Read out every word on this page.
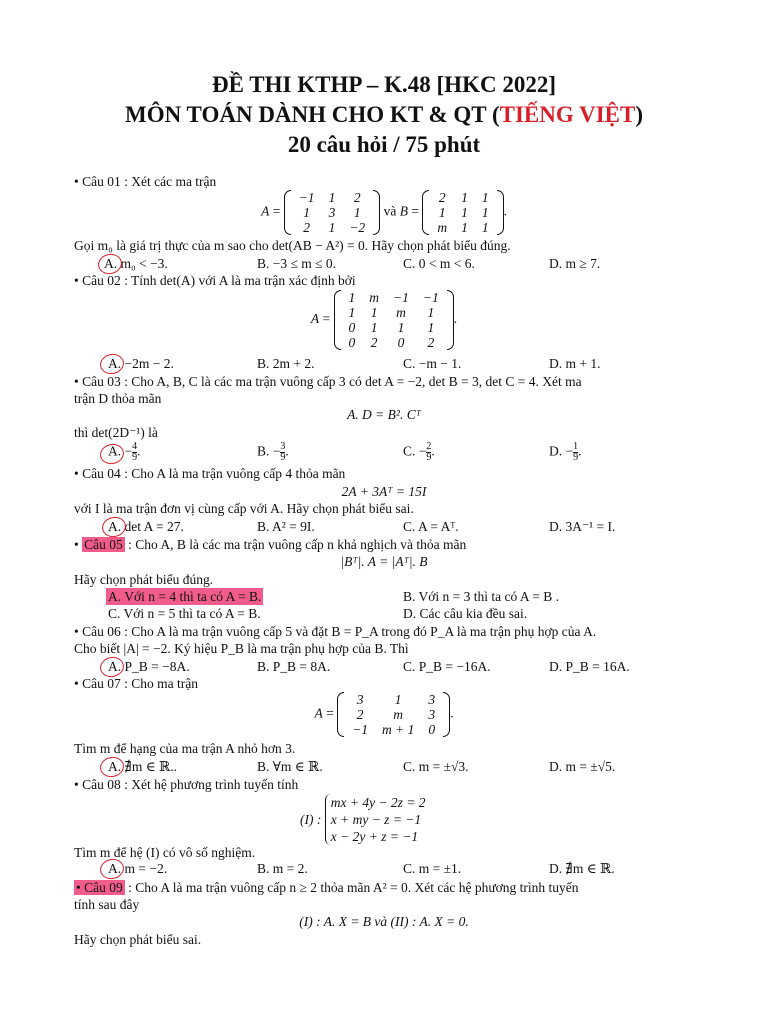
ĐỀ THI KTHP – K.48 [HKC 2022]
MÔN TOÁN DÀNH CHO KT & QT (TIẾNG VIỆT)
20 câu hỏi / 75 phút
• Câu 01 : Xét các ma trận
A =
−1	1	2
1	3	1
2	1	−2
và B =
2	1	1
1	1	1
m	1	1
.
Gọi m₀ là giá trị thực của m sao cho det(AB − A²) = 0. Hãy chọn phát biểu đúng.
A. m₀ < −3.	B. −3 ≤ m ≤ 0.	C. 0 < m < 6.	D. m ≥ 7.
• Câu 02 : Tính det(A) với A là ma trận xác định bởi
A =
1	m	−1	−1
1	1	m	1
0	1	1	1
0	2	0	2
.
A. −2m − 2.	B. 2m + 2.	C. −m − 1.	D. m + 1.
• Câu 03 : Cho A, B, C là các ma trận vuông cấp 3 có det A = −2, det B = 3, det C = 4. Xét ma
trận D thỏa mãn
A. D = B². Cᵀ
thì det(2D⁻¹) là
A. − $\frac{4}{9}$ .	B. − $\frac{3}{9}$ .	C. − $\frac{2}{9}$ .	D. − $\frac{1}{9}$ .
• Câu 04 : Cho A là ma trận vuông cấp 4 thỏa mãn
2A + 3Aᵀ = 15I
với I là ma trận đơn vị cùng cấp với A. Hãy chọn phát biểu sai.
A. det A = 27.	B. A² = 9I.	C. A = Aᵀ.	D. 3A⁻¹ = I.
• Câu 05 : Cho A, B là các ma trận vuông cấp n khả nghịch và thỏa mãn
|Bᵀ|. A = |Aᵀ|. B
Hãy chọn phát biểu đúng.
A. Với n = 4 thì ta có A = B.	B. Với n = 3 thì ta có A = B .
C. Với n = 5 thì ta có A = B.	D. Các câu kia đều sai.
• Câu 06 : Cho A là ma trận vuông cấp 5 và đặt B = P_A trong đó P_A là ma trận phụ hợp của A.
Cho biết |A| = −2. Ký hiệu P_B là ma trận phụ hợp của B. Thì
A. P_B = −8A.	B. P_B = 8A.	C. P_B = −16A.	D. P_B = 16A.
• Câu 07 : Cho ma trận
A =
3	1	3
2	m	3
−1	m + 1	0
.
Tìm m để hạng của ma trận A nhỏ hơn 3.
A. ∄m ∈ ℝ..	B. ∀m ∈ ℝ.	C. m = ±√3.	D. m = ±√5.
• Câu 08 : Xét hệ phương trình tuyến tính
(I) :
mx + 4y − 2z = 2
x + my − z = −1
x − 2y + z = −1
Tìm m để hệ (I) có vô số nghiệm.
A. m = −2.	B. m = 2.	C. m = ±1.	D. ∄m ∈ ℝ.
• Câu 09 : Cho A là ma trận vuông cấp n ≥ 2 thỏa mãn A² = 0. Xét các hệ phương trình tuyến
tính sau đây
(I) : A. X = B và (II) : A. X = 0.
Hãy chọn phát biểu sai.
